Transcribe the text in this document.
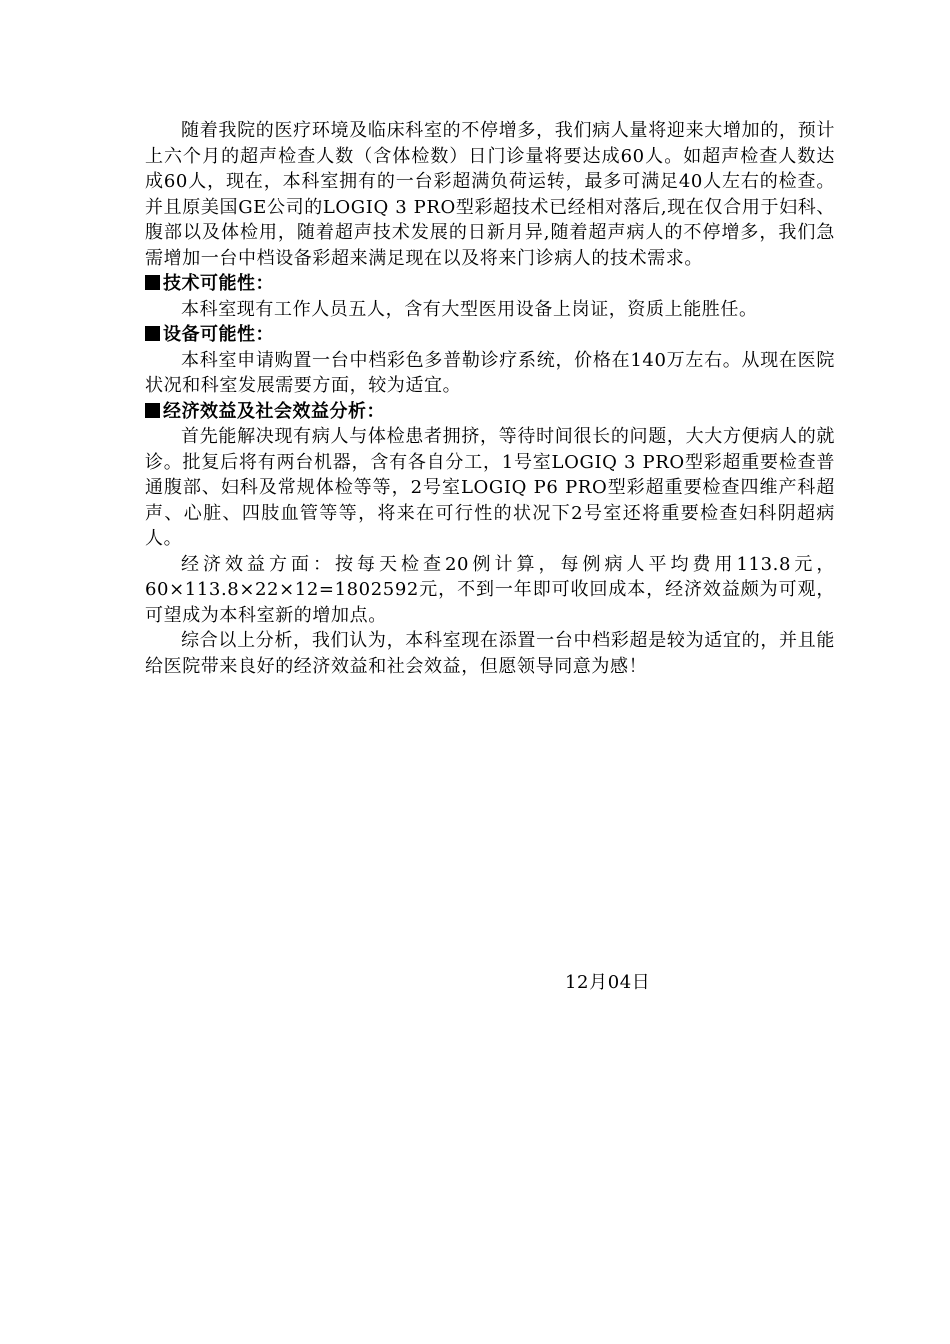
随着我院的医疗环境及临床科室的不停增多，我们病人量将迎来大增加的，预计上六个月的超声检查人数（含体检数）日门诊量将要达成60人。如超声检查人数达成60人，现在，本科室拥有的一台彩超满负荷运转，最多可满足40人左右的检查。并且原美国GE公司的LOGIQ 3 PRO型彩超技术已经相对落后,现在仅合用于妇科、腹部以及体检用，随着超声技术发展的日新月异,随着超声病人的不停增多，我们急需增加一台中档设备彩超来满足现在以及将来门诊病人的技术需求。

技术可能性：

本科室现有工作人员五人，含有大型医用设备上岗证，资质上能胜任。

设备可能性：

本科室申请购置一台中档彩色多普勒诊疗系统，价格在140万左右。从现在医院状况和科室发展需要方面，较为适宜。

经济效益及社会效益分析：

首先能解决现有病人与体检患者拥挤，等待时间很长的问题，大大方便病人的就诊。批复后将有两台机器，含有各自分工，1号室LOGIQ 3 PRO型彩超重要检查普通腹部、妇科及常规体检等等，2号室LOGIQ P6 PRO型彩超重要检查四维产科超声、心脏、四肢血管等等，将来在可行性的状况下2号室还将重要检查妇科阴超病人。

经济效益方面：按每天检查20例计算，每例病人平均费用113.8元，60×113.8×22×12=1802592元，不到一年即可收回成本，经济效益颇为可观，可望成为本科室新的增加点。

综合以上分析，我们认为，本科室现在添置一台中档彩超是较为适宜的，并且能给医院带来良好的经济效益和社会效益，但愿领导同意为感！

12月04日
